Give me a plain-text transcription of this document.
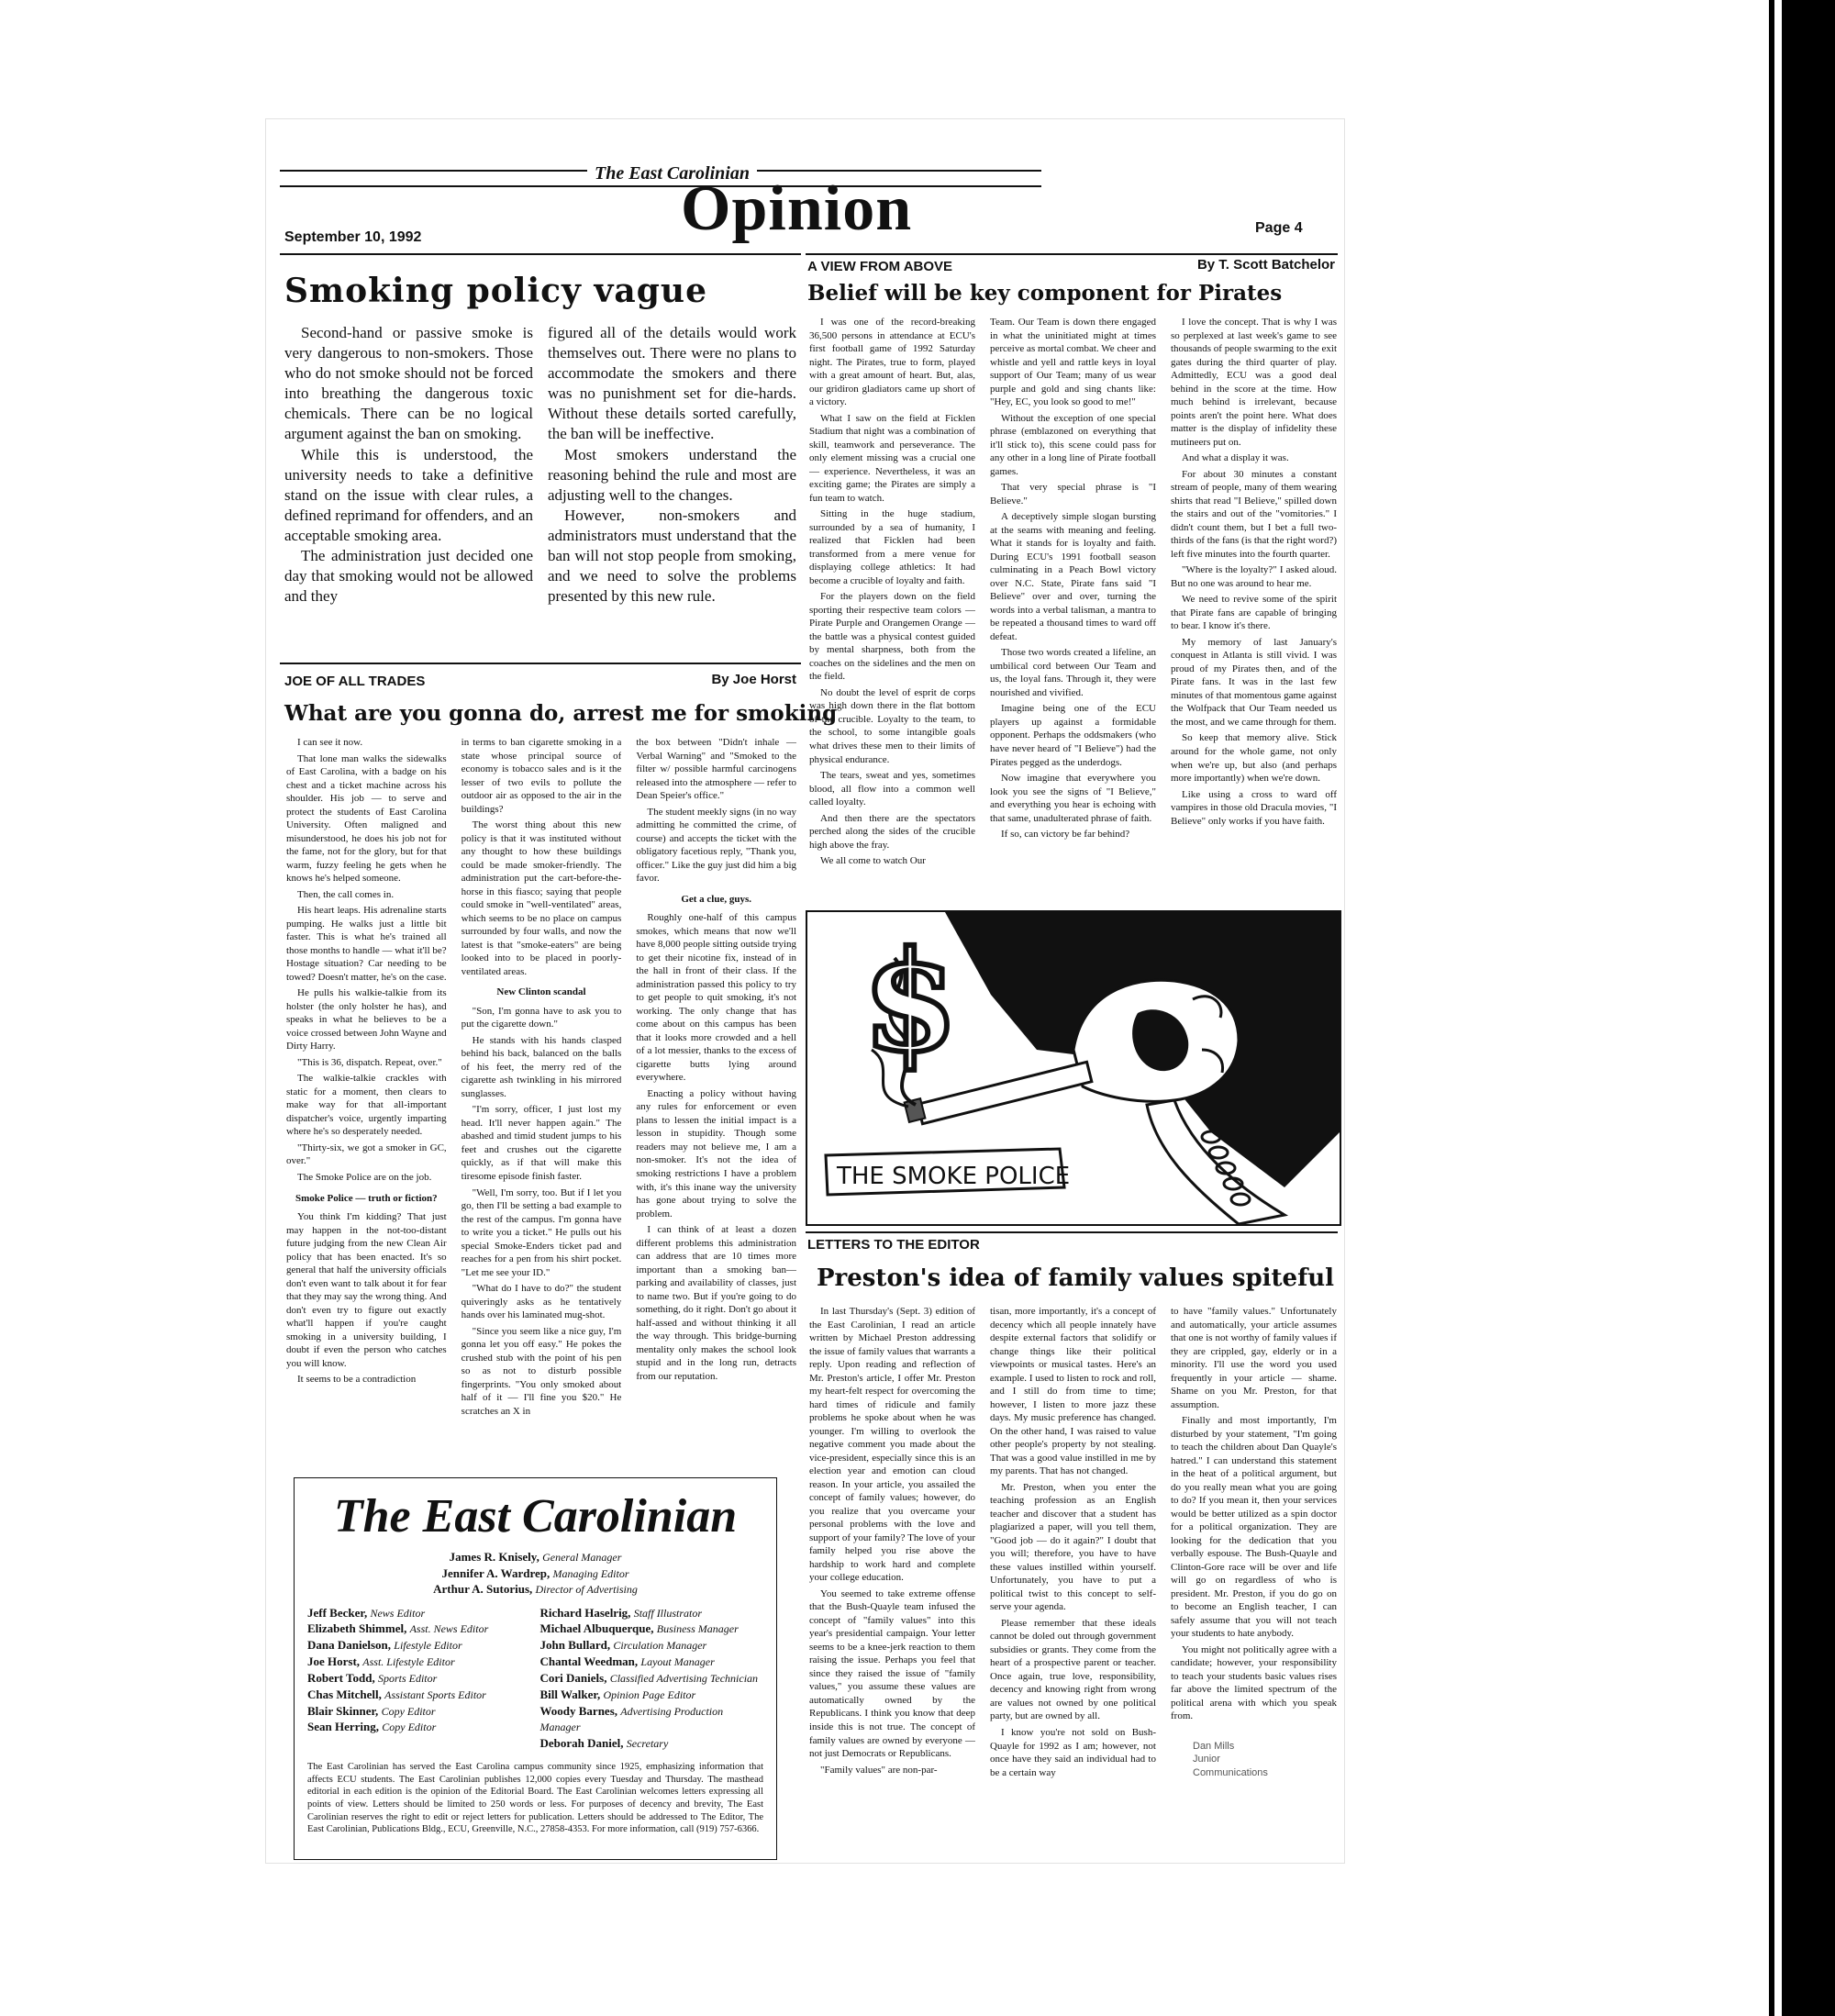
The East Carolinian
Opinion
September 10, 1992
Page 4
Smoking policy vague

Second-hand or passive smoke is very dangerous to non-smokers. Those who do not smoke should not be forced into breathing the dangerous toxic chemicals. There can be no logical argument against the ban on smoking.

While this is understood, the university needs to take a definitive stand on the issue with clear rules, a defined reprimand for offenders, and an acceptable smoking area.

The administration just decided one day that smoking would not be allowed and they

figured all of the details would work themselves out. There were no plans to accommodate the smokers and there was no punishment set for die-hards. Without these details sorted carefully, the ban will be ineffective.

Most smokers understand the reasoning behind the rule and most are adjusting well to the changes.

However, non-smokers and administrators must understand that the ban will not stop people from smoking, and we need to solve the problems presented by this new rule.

JOE OF ALL TRADES	By Joe Horst
What are you gonna do, arrest me for smoking

I can see it now.

That lone man walks the sidewalks of East Carolina, with a badge on his chest and a ticket machine across his shoulder. His job — to serve and protect the students of East Carolina University. Often maligned and misunderstood, he does his job not for the fame, not for the glory, but for that warm, fuzzy feeling he gets when he knows he's helped someone.

Then, the call comes in.

His heart leaps. His adrenaline starts pumping. He walks just a little bit faster. This is what he's trained all those months to handle — what it'll be? Hostage situation? Car needing to be towed? Doesn't matter, he's on the case.

He pulls his walkie-talkie from its holster (the only holster he has), and speaks in what he believes to be a voice crossed between John Wayne and Dirty Harry.

"This is 36, dispatch. Repeat, over."

The walkie-talkie crackles with static for a moment, then clears to make way for that all-important dispatcher's voice, urgently imparting where he's so desperately needed.

"Thirty-six, we got a smoker in GC, over."

The Smoke Police are on the job.

Smoke Police — truth or fiction?

You think I'm kidding? That just may happen in the not-too-distant future judging from the new Clean Air policy that has been enacted. It's so general that half the university officials don't even want to talk about it for fear that they may say the wrong thing. And don't even try to figure out exactly what'll happen if you're caught smoking in a university building, I doubt if even the person who catches you will know.

It seems to be a contradiction

in terms to ban cigarette smoking in a state whose principal source of economy is tobacco sales and is it the lesser of two evils to pollute the outdoor air as opposed to the air in the buildings?

The worst thing about this new policy is that it was instituted without any thought to how these buildings could be made smoker-friendly. The administration put the cart-before-the-horse in this fiasco; saying that people could smoke in "well-ventilated" areas, which seems to be no place on campus surrounded by four walls, and now the latest is that "smoke-eaters" are being looked into to be placed in poorly-ventilated areas.

New Clinton scandal

"Son, I'm gonna have to ask you to put the cigarette down."

He stands with his hands clasped behind his back, balanced on the balls of his feet, the merry red of the cigarette ash twinkling in his mirrored sunglasses.

"I'm sorry, officer, I just lost my head. It'll never happen again." The abashed and timid student jumps to his feet and crushes out the cigarette quickly, as if that will make this tiresome episode finish faster.

"Well, I'm sorry, too. But if I let you go, then I'll be setting a bad example to the rest of the campus. I'm gonna have to write you a ticket." He pulls out his special Smoke-Enders ticket pad and reaches for a pen from his shirt pocket. "Let me see your ID."

"What do I have to do?" the student quiveringly asks as he tentatively hands over his laminated mug-shot.

"Since you seem like a nice guy, I'm gonna let you off easy." He pokes the crushed stub with the point of his pen so as not to disturb possible fingerprints. "You only smoked about half of it — I'll fine you $20." He scratches an X in

the box between "Didn't inhale — Verbal Warning" and "Smoked to the filter w/ possible harmful carcinogens released into the atmosphere — refer to Dean Speier's office."

The student meekly signs (in no way admitting he committed the crime, of course) and accepts the ticket with the obligatory facetious reply, "Thank you, officer." Like the guy just did him a big favor.

Get a clue, guys.

Roughly one-half of this campus smokes, which means that now we'll have 8,000 people sitting outside trying to get their nicotine fix, instead of in the hall in front of their class. If the administration passed this policy to try to get people to quit smoking, it's not working. The only change that has come about on this campus has been that it looks more crowded and a hell of a lot messier, thanks to the excess of cigarette butts lying around everywhere.

Enacting a policy without having any rules for enforcement or even plans to lessen the initial impact is a lesson in stupidity. Though some readers may not believe me, I am a non-smoker. It's not the idea of smoking restrictions I have a problem with, it's this inane way the university has gone about trying to solve the problem.

I can think of at least a dozen different problems this administration can address that are 10 times more important than a smoking ban—parking and availability of classes, just to name two. But if you're going to do something, do it right. Don't go about it half-assed and without thinking it all the way through. This bridge-burning mentality only makes the school look stupid and in the long run, detracts from our reputation.

A VIEW FROM ABOVE	By T. Scott Batchelor
Belief will be key component for Pirates

I was one of the record-breaking 36,500 persons in attendance at ECU's first football game of 1992 Saturday night. The Pirates, true to form, played with a great amount of heart. But, alas, our gridiron gladiators came up short of a victory.

What I saw on the field at Ficklen Stadium that night was a combination of skill, teamwork and perseverance. The only element missing was a crucial one — experience. Nevertheless, it was an exciting game; the Pirates are simply a fun team to watch.

Sitting in the huge stadium, surrounded by a sea of humanity, I realized that Ficklen had been transformed from a mere venue for displaying college athletics: It had become a crucible of loyalty and faith.

For the players down on the field sporting their respective team colors — Pirate Purple and Orangemen Orange — the battle was a physical contest guided by mental sharpness, both from the coaches on the sidelines and the men on the field.

No doubt the level of esprit de corps was high down there in the flat bottom of the crucible. Loyalty to the team, to the school, to some intangible goals what drives these men to their limits of physical endurance.

The tears, sweat and yes, sometimes blood, all flow into a common well called loyalty.

And then there are the spectators perched along the sides of the crucible high above the fray.

We all come to watch Our

Team. Our Team is down there engaged in what the uninitiated might at times perceive as mortal combat. We cheer and whistle and yell and rattle keys in loyal support of Our Team; many of us wear purple and gold and sing chants like: "Hey, EC, you look so good to me!"

Without the exception of one special phrase (emblazoned on everything that it'll stick to), this scene could pass for any other in a long line of Pirate football games.

That very special phrase is "I Believe."

A deceptively simple slogan bursting at the seams with meaning and feeling. What it stands for is loyalty and faith. During ECU's 1991 football season culminating in a Peach Bowl victory over N.C. State, Pirate fans said "I Believe" over and over, turning the words into a verbal talisman, a mantra to be repeated a thousand times to ward off defeat.

Those two words created a lifeline, an umbilical cord between Our Team and us, the loyal fans. Through it, they were nourished and vivified.

Imagine being one of the ECU players up against a formidable opponent. Perhaps the oddsmakers (who have never heard of "I Believe") had the Pirates pegged as the underdogs.

Now imagine that everywhere you look you see the signs of "I Believe," and everything you hear is echoing with that same, unadulterated phrase of faith.

If so, can victory be far behind?

I love the concept. That is why I was so perplexed at last week's game to see thousands of people swarming to the exit gates during the third quarter of play. Admittedly, ECU was a good deal behind in the score at the time. How much behind is irrelevant, because points aren't the point here. What does matter is the display of infidelity these mutineers put on.

And what a display it was.

For about 30 minutes a constant stream of people, many of them wearing shirts that read "I Believe," spilled down the stairs and out of the "vomitories." I didn't count them, but I bet a full two-thirds of the fans (is that the right word?) left five minutes into the fourth quarter.

"Where is the loyalty?" I asked aloud. But no one was around to hear me.

We need to revive some of the spirit that Pirate fans are capable of bringing to bear. I know it's there.

My memory of last January's conquest in Atlanta is still vivid. I was proud of my Pirates then, and of the Pirate fans. It was in the last few minutes of that momentous game against the Wolfpack that Our Team needed us the most, and we came through for them.

So keep that memory alive. Stick around for the whole game, not only when we're up, but also (and perhaps more importantly) when we're down.

Like using a cross to ward off vampires in those old Dracula movies, "I Believe" only works if you have faith.

$
THE SMOKE POLICE
LETTERS TO THE EDITOR
Preston's idea of family values spiteful

In last Thursday's (Sept. 3) edition of the East Carolinian, I read an article written by Michael Preston addressing the issue of family values that warrants a reply. Upon reading and reflection of Mr. Preston's article, I offer Mr. Preston my heart-felt respect for overcoming the hard times of ridicule and family problems he spoke about when he was younger. I'm willing to overlook the negative comment you made about the vice-president, especially since this is an election year and emotion can cloud reason. In your article, you assailed the concept of family values; however, do you realize that you overcame your personal problems with the love and support of your family? The love of your family helped you rise above the hardship to work hard and complete your college education.

You seemed to take extreme offense that the Bush-Quayle team infused the concept of "family values" into this year's presidential campaign. Your letter seems to be a knee-jerk reaction to them raising the issue. Perhaps you feel that since they raised the issue of "family values," you assume these values are automatically owned by the Republicans. I think you know that deep inside this is not true. The concept of family values are owned by everyone — not just Democrats or Republicans.

"Family values" are non-par-

tisan, more importantly, it's a concept of decency which all people innately have despite external factors that solidify or change things like their political viewpoints or musical tastes. Here's an example. I used to listen to rock and roll, and I still do from time to time; however, I listen to more jazz these days. My music preference has changed. On the other hand, I was raised to value other people's property by not stealing. That was a good value instilled in me by my parents. That has not changed.

Mr. Preston, when you enter the teaching profession as an English teacher and discover that a student has plagiarized a paper, will you tell them, "Good job — do it again?" I doubt that you will; therefore, you have to have these values instilled within yourself. Unfortunately, you have to put a political twist to this concept to self-serve your agenda.

Please remember that these ideals cannot be doled out through government subsidies or grants. They come from the heart of a prospective parent or teacher. Once again, true love, responsibility, decency and knowing right from wrong are values not owned by one political party, but are owned by all.

I know you're not sold on Bush-Quayle for 1992 as I am; however, not once have they said an individual had to be a certain way

to have "family values." Unfortunately and automatically, your article assumes that one is not worthy of family values if they are crippled, gay, elderly or in a minority. I'll use the word you used frequently in your article — shame. Shame on you Mr. Preston, for that assumption.

Finally and most importantly, I'm disturbed by your statement, "I'm going to teach the children about Dan Quayle's hatred." I can understand this statement in the heat of a political argument, but do you really mean what you are going to do? If you mean it, then your services would be better utilized as a spin doctor for a political organization. They are looking for the dedication that you verbally espouse. The Bush-Quayle and Clinton-Gore race will be over and life will go on regardless of who is president. Mr. Preston, if you do go on to become an English teacher, I can safely assume that you will not teach your students to hate anybody.

You might not politically agree with a candidate; however, your responsibility to teach your students basic values rises far above the limited spectrum of the political arena with which you speak from.

Dan Mills
Junior
Communications
The East Carolinian
James R. Knisely, General Manager
Jennifer A. Wardrep, Managing Editor
Arthur A. Sutorius, Director of Advertising
Jeff Becker, News Editor
Elizabeth Shimmel, Asst. News Editor
Dana Danielson, Lifestyle Editor
Joe Horst, Asst. Lifestyle Editor
Robert Todd, Sports Editor
Chas Mitchell, Assistant Sports Editor
Blair Skinner, Copy Editor
Sean Herring, Copy Editor
Richard Haselrig, Staff Illustrator
Michael Albuquerque, Business Manager
John Bullard, Circulation Manager
Chantal Weedman, Layout Manager
Cori Daniels, Classified Advertising Technician
Bill Walker, Opinion Page Editor
Woody Barnes, Advertising Production Manager
Deborah Daniel, Secretary
The East Carolinian has served the East Carolina campus community since 1925, emphasizing information that affects ECU students. The East Carolinian publishes 12,000 copies every Tuesday and Thursday. The masthead editorial in each edition is the opinion of the Editorial Board. The East Carolinian welcomes letters expressing all points of view. Letters should be limited to 250 words or less. For purposes of decency and brevity, The East Carolinian reserves the right to edit or reject letters for publication. Letters should be addressed to The Editor, The East Carolinian, Publications Bldg., ECU, Greenville, N.C., 27858-4353. For more information, call (919) 757-6366.
